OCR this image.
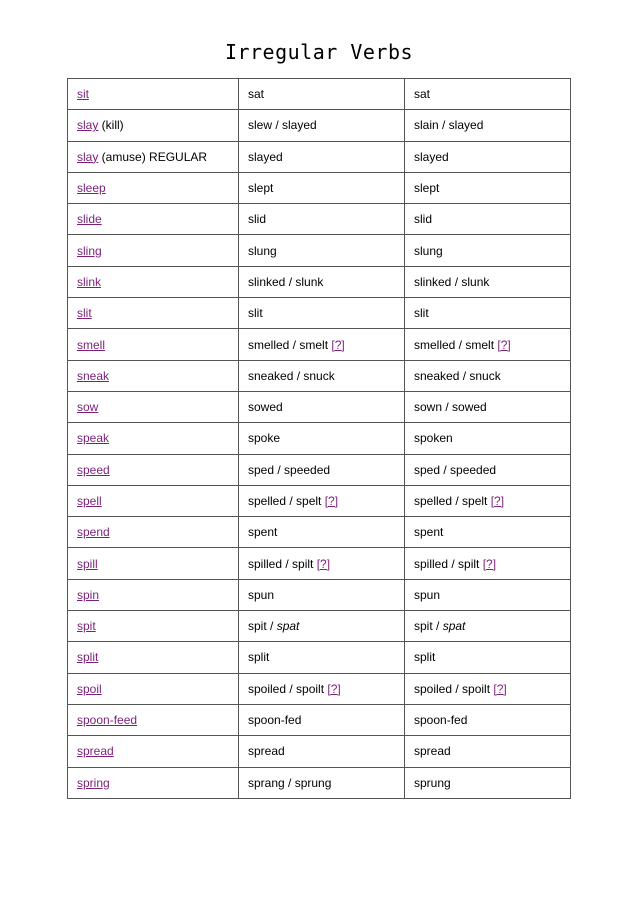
Irregular Verbs
sit	sat	sat
slay (kill)	slew / slayed	slain / slayed
slay (amuse) REGULAR	slayed	slayed
sleep	slept	slept
slide	slid	slid
sling	slung	slung
slink	slinked / slunk	slinked / slunk
slit	slit	slit
smell	smelled / smelt [?]	smelled / smelt [?]
sneak	sneaked / snuck	sneaked / snuck
sow	sowed	sown / sowed
speak	spoke	spoken
speed	sped / speeded	sped / speeded
spell	spelled / spelt [?]	spelled / spelt [?]
spend	spent	spent
spill	spilled / spilt [?]	spilled / spilt [?]
spin	spun	spun
spit	spit / spat	spit / spat
split	split	split
spoil	spoiled / spoilt [?]	spoiled / spoilt [?]
spoon-feed	spoon-fed	spoon-fed
spread	spread	spread
spring	sprang / sprung	sprung
